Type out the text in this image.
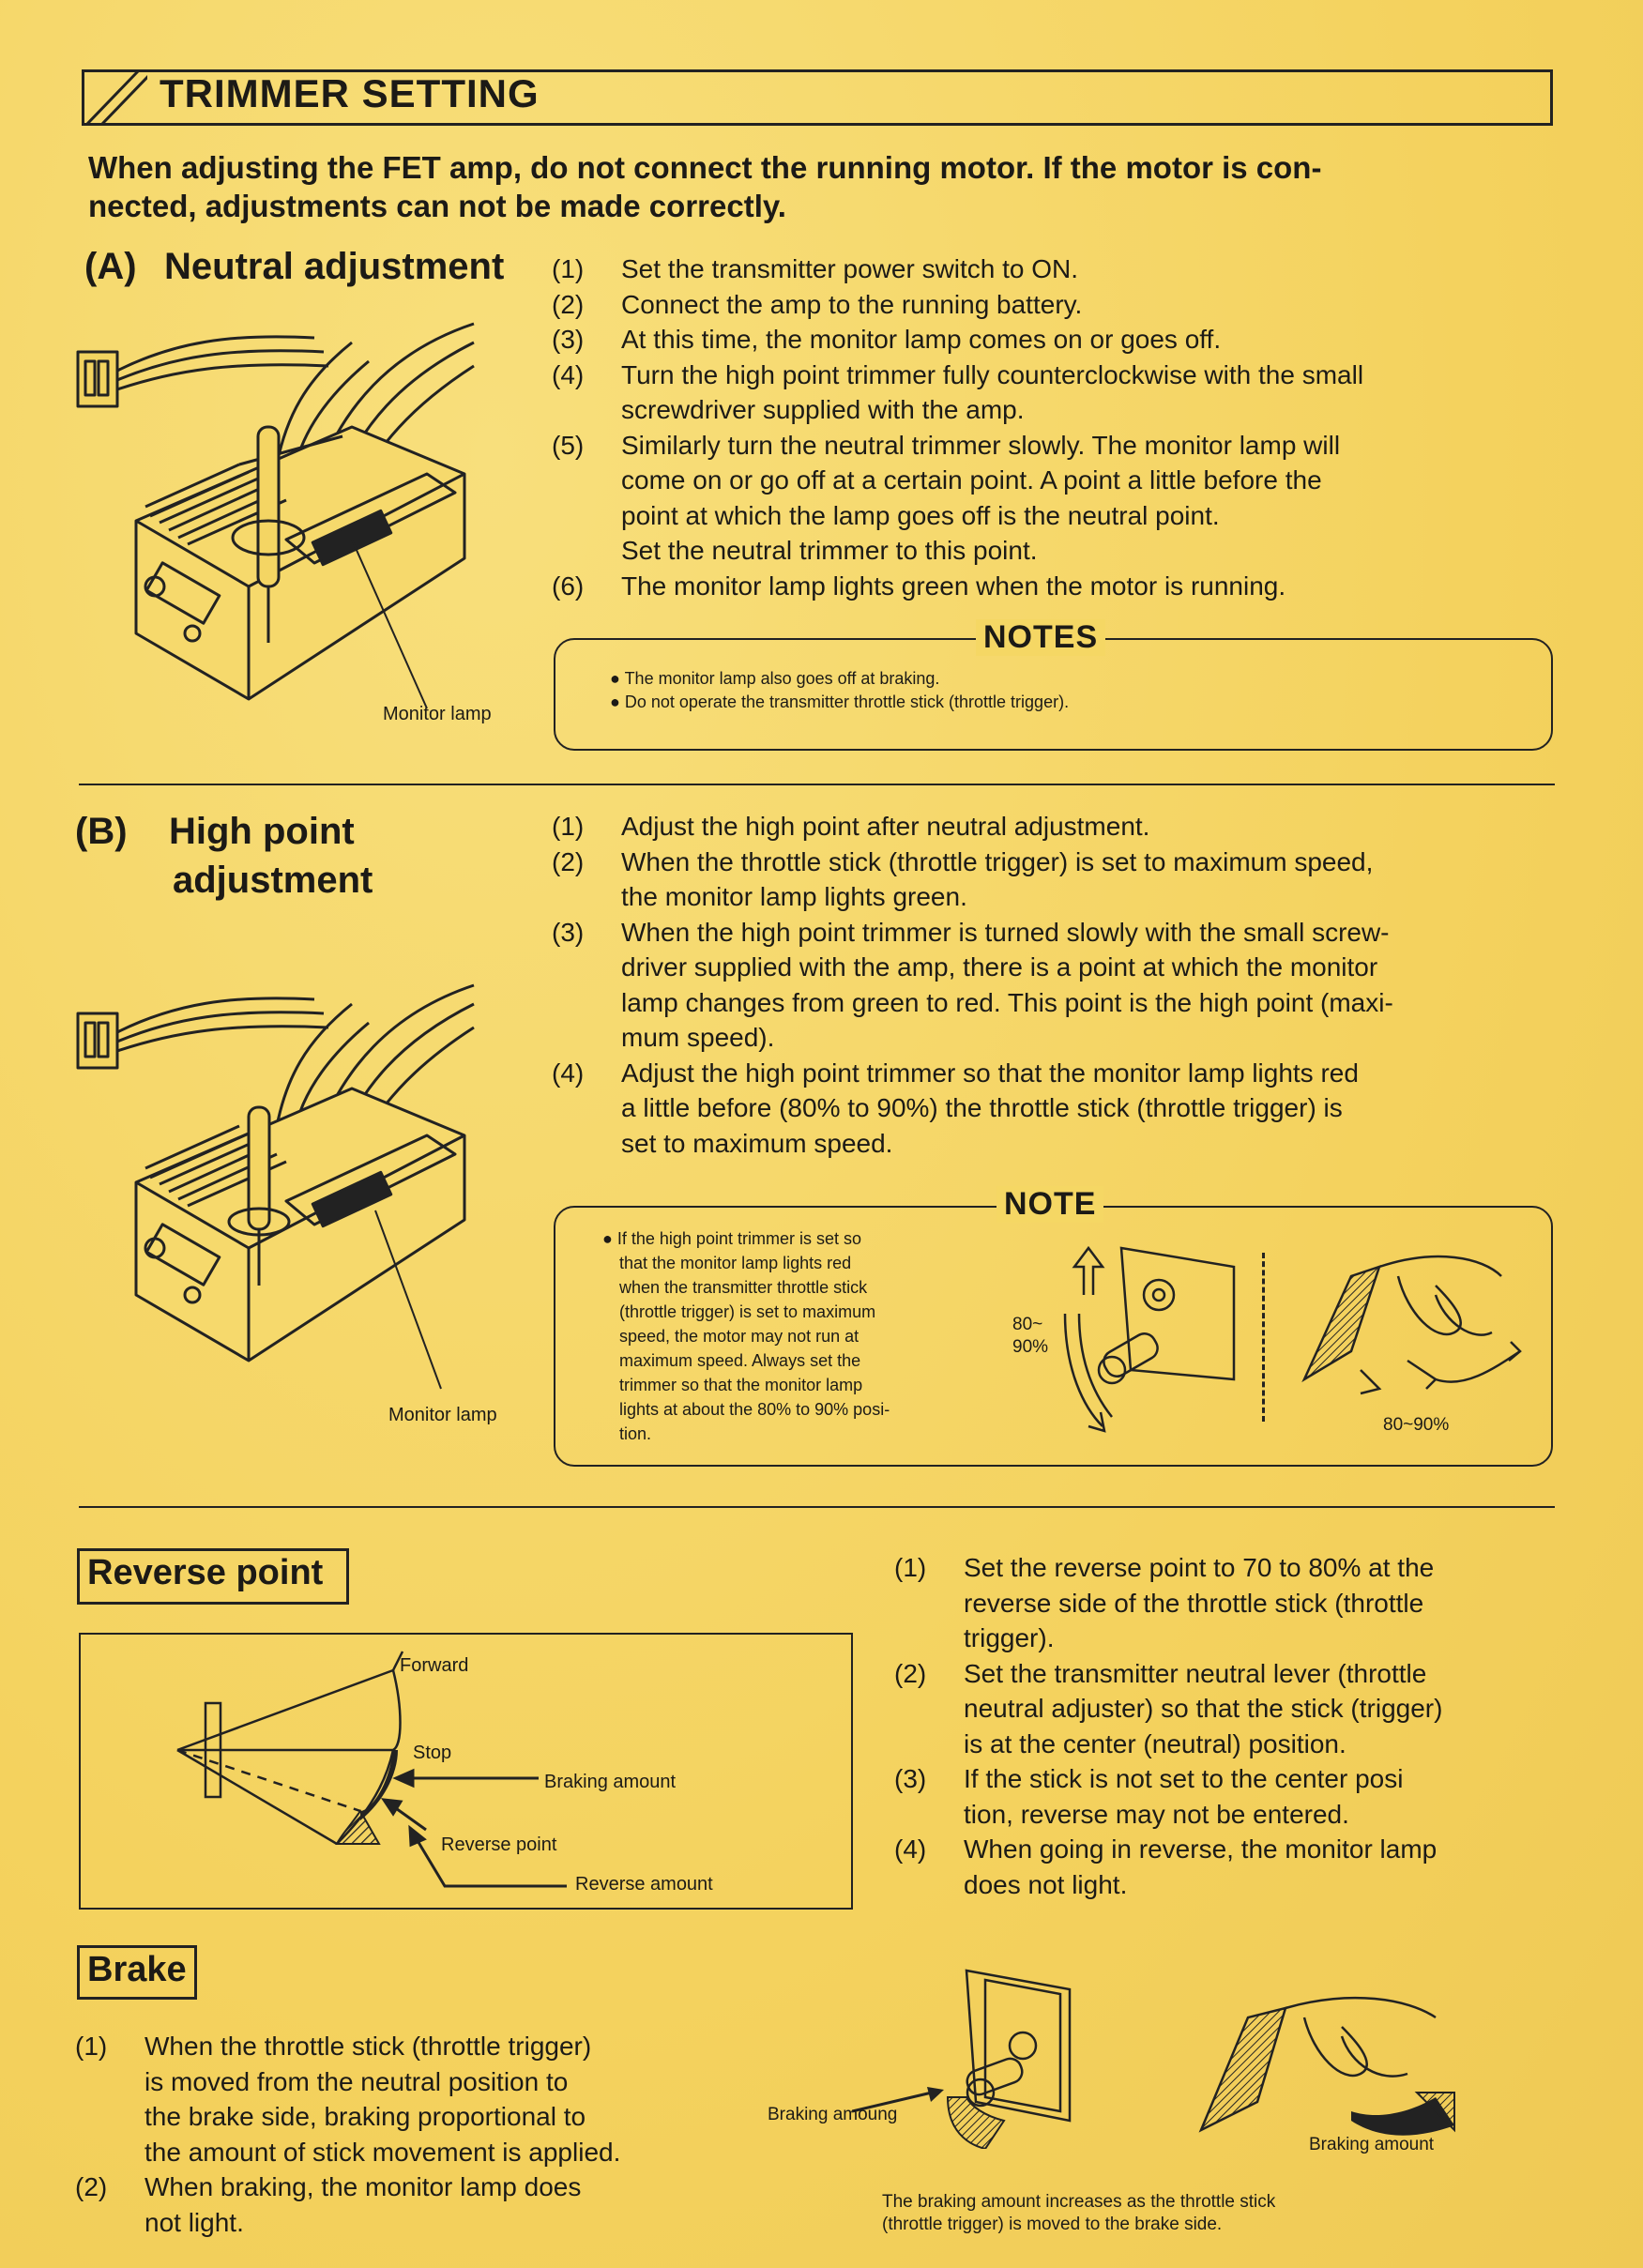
TRIMMER SETTING
When adjusting the FET amp, do not connect the running motor. If the motor is con-
nected, adjustments can not be made correctly.
(A) Neutral adjustment
Monitor lamp
(1) Set the transmitter power switch to ON.
(2) Connect the amp to the running battery.
(3) At this time, the monitor lamp comes on or goes off.
(4) Turn the high point trimmer fully counterclockwise with the small
screwdriver supplied with the amp.
(5) Similarly turn the neutral trimmer slowly. The monitor lamp will
come on or go off at a certain point. A point a little before the
point at which the lamp goes off is the neutral point.
Set the neutral trimmer to this point.
(6) The monitor lamp lights green when the motor is running.
NOTES
● The monitor lamp also goes off at braking.
● Do not operate the transmitter throttle stick (throttle trigger).
(B) High point
adjustment
Monitor lamp
(1) Adjust the high point after neutral adjustment.
(2) When the throttle stick (throttle trigger) is set to maximum speed,
the monitor lamp lights green.
(3) When the high point trimmer is turned slowly with the small screw-
driver supplied with the amp, there is a point at which the monitor
lamp changes from green to red. This point is the high point (maxi-
mum speed).
(4) Adjust the high point trimmer so that the monitor lamp lights red
a little before (80% to 90%) the throttle stick (throttle trigger) is
set to maximum speed.
NOTE
● If the high point trimmer is set so
that the monitor lamp lights red
when the transmitter throttle stick
(throttle trigger) is set to maximum
speed, the motor may not run at
maximum speed. Always set the
trimmer so that the monitor lamp
lights at about the 80% to 90% posi-
tion.
80~
90%
80~90%
Reverse point
Forward
Stop
Braking amount
Reverse point
Reverse amount
(1) Set the reverse point to 70 to 80% at the
reverse side of the throttle stick (throttle
trigger).
(2) Set the transmitter neutral lever (throttle
neutral adjuster) so that the stick (trigger)
is at the center (neutral) position.
(3) If the stick is not set to the center posi
tion, reverse may not be entered.
(4) When going in reverse, the monitor lamp
does not light.
Brake
(1) When the throttle stick (throttle trigger)
is moved from the neutral position to
the brake side, braking proportional to
the amount of stick movement is applied.
(2) When braking, the monitor lamp does
not light.
Braking amoung
Braking amount
The braking amount increases as the throttle stick
(throttle trigger) is moved to the brake side.
